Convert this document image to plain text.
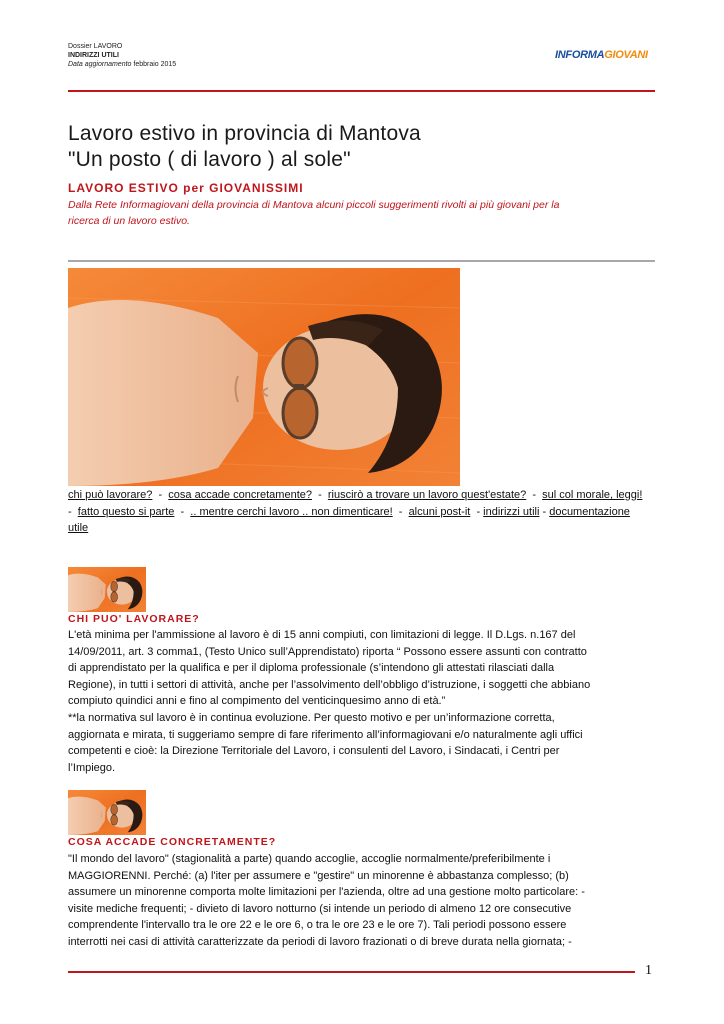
Dossier LAVORO
INDIRIZZI UTILI
Data aggiornamento febbraio 2015
INFORMAGIOVANI
Lavoro estivo in provincia di Mantova
"Un posto ( di lavoro ) al sole"
LAVORO ESTIVO per GIOVANISSIMI
Dalla Rete Informagiovani della provincia di Mantova alcuni piccoli suggerimenti rivolti ai più giovani per la
ricerca di un lavoro estivo.
chi può lavorare?  -  cosa accade concretamente?  -  riuscirò a trovare un lavoro quest'estate?  -  sul col morale, leggi!  -  fatto questo si parte  -  .. mentre cerchi lavoro .. non dimenticare!  -  alcuni post-it  - indirizzi utili - documentazione utile
CHI PUO' LAVORARE?
L'età minima per l'ammissione al lavoro è di 15 anni compiuti, con limitazioni di legge. Il D.Lgs. n.167 del
14/09/2011, art. 3 comma1, (Testo Unico sull’Apprendistato) riporta “ Possono essere assunti con contratto
di apprendistato per la qualifica e per il diploma professionale (s’intendono gli attestati rilasciati dalla
Regione), in tutti i settori di attività, anche per l’assolvimento dell’obbligo d’istruzione, i soggetti che abbiano
compiuto quindici anni e fino al compimento del venticinquesimo anno di età.”
**la normativa sul lavoro è in continua evoluzione. Per questo motivo e per un’informazione corretta,
aggiornata e mirata, ti suggeriamo sempre di fare riferimento all’informagiovani e/o naturalmente agli uffici
competenti e cioè: la Direzione Territoriale del Lavoro, i consulenti del Lavoro, i Sindacati, i Centri per
l’Impiego.
COSA ACCADE CONCRETAMENTE?
"Il mondo del lavoro" (stagionalità a parte) quando accoglie, accoglie normalmente/preferibilmente i
MAGGIORENNI. Perché: (a) l'iter per assumere e "gestire" un minorenne è abbastanza complesso; (b)
assumere un minorenne comporta molte limitazioni per l'azienda, oltre ad una gestione molto particolare: -
visite mediche frequenti; - divieto di lavoro notturno (si intende un periodo di almeno 12 ore consecutive
comprendente l'intervallo tra le ore 22 e le ore 6, o tra le ore 23 e le ore 7). Tali periodi possono essere
interrotti nei casi di attività caratterizzate da periodi di lavoro frazionati o di breve durata nella giornata; -
1
